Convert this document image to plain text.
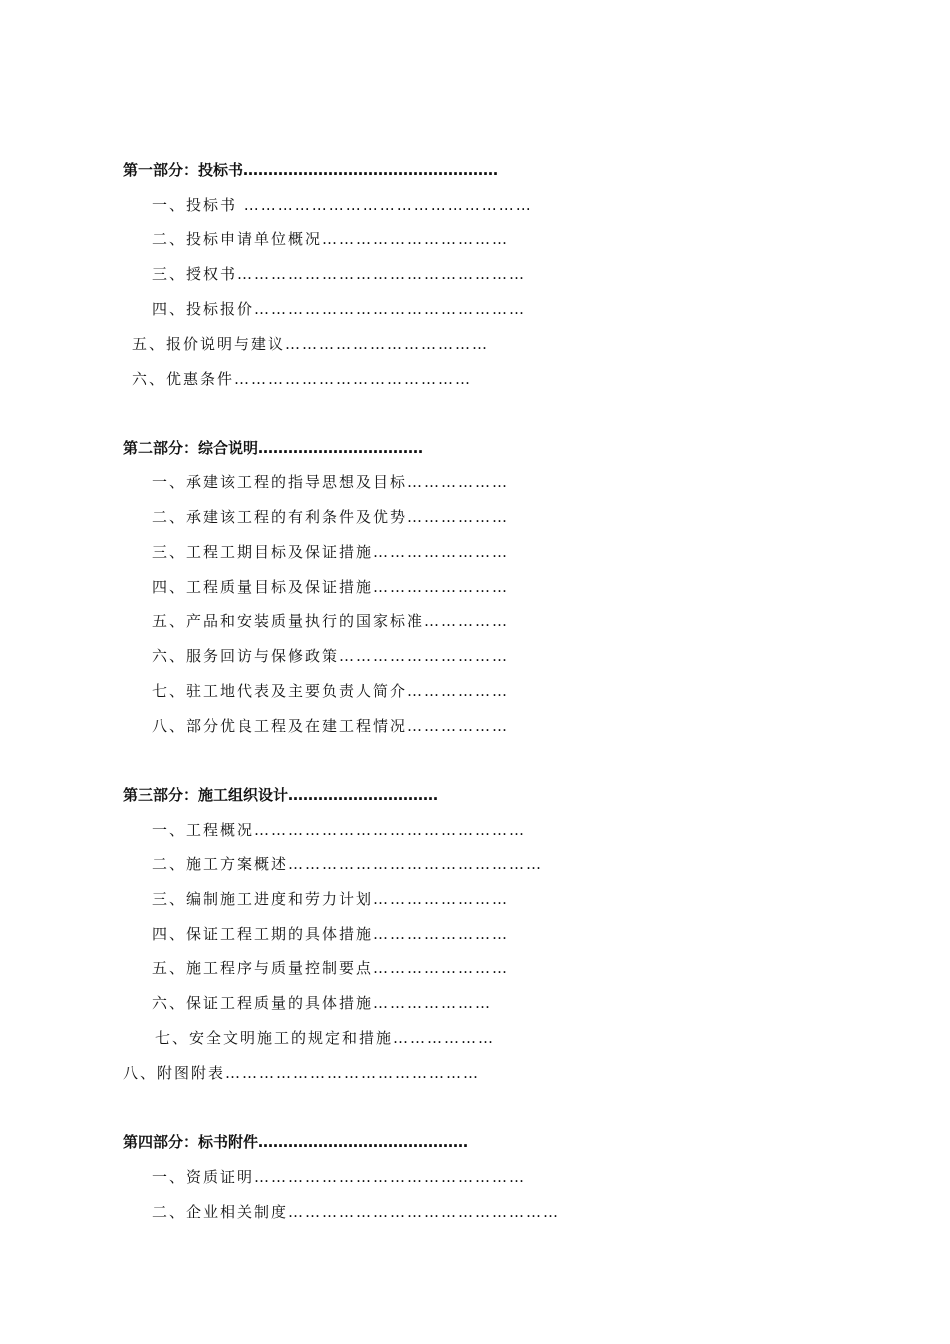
第一部分：投标书……………………………………………
一、投标书 ……………………………………………
二、投标申请单位概况……………………………
三、授权书……………………………………………
四、投标报价…………………………………………
五、报价说明与建议………………………………
六、优惠条件……………………………………
第二部分：综合说明……………………………
一、承建该工程的指导思想及目标………………
二、承建该工程的有利条件及优势………………
三、工程工期目标及保证措施……………………
四、工程质量目标及保证措施……………………
五、产品和安装质量执行的国家标准……………
六、服务回访与保修政策…………………………
七、驻工地代表及主要负责人简介………………
八、部分优良工程及在建工程情况………………
第三部分：施工组织设计…………………………
一、工程概况…………………………………………
二、施工方案概述………………………………………
三、编制施工进度和劳力计划……………………
四、保证工程工期的具体措施……………………
五、施工程序与质量控制要点……………………
六、保证工程质量的具体措施…………………
七、安全文明施工的规定和措施………………
八、附图附表………………………………………
第四部分：标书附件……………………………………
一、资质证明…………………………………………
二、企业相关制度…………………………………………
